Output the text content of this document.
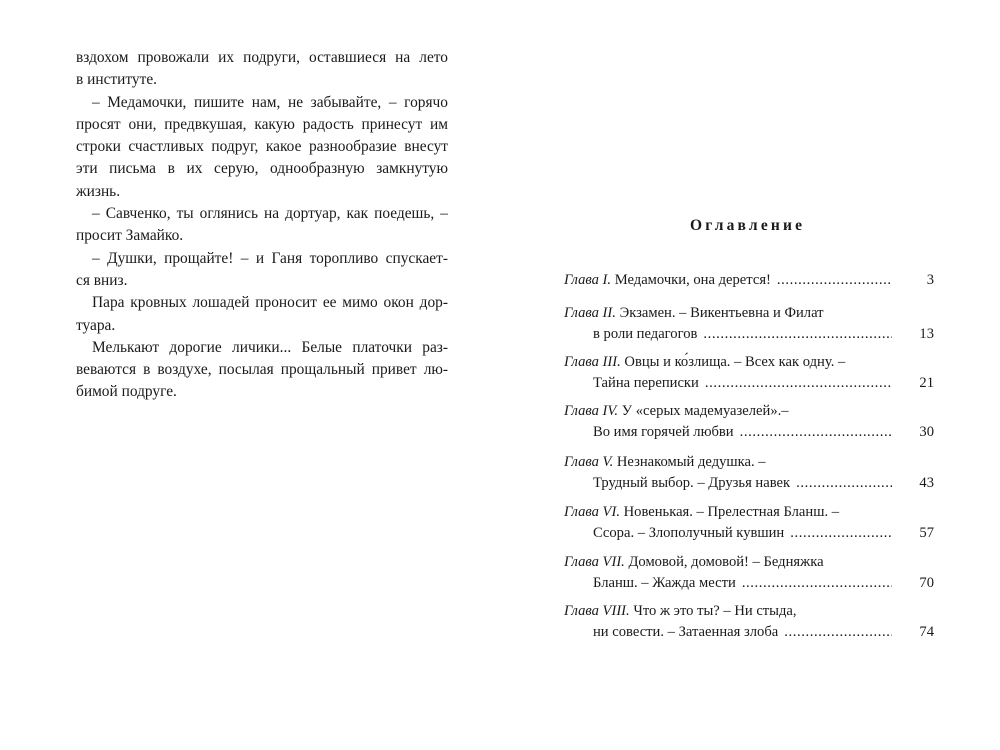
вздохом провожали их подруги, оставшиеся на лето
в институте.
– Медамочки, пишите нам, не забывайте, – горячо
просят они, предвкушая, какую радость принесут им
строки счастливых подруг, какое разнообразие внесут
эти письма в их серую, однообразную замкнутую
жизнь.
– Савченко, ты оглянись на дортуар, как поедешь, –
просит Замайко.
– Душки, прощайте! – и Ганя торопливо спускает-
ся вниз.
Пара кровных лошадей проносит ее мимо окон дор-
туара.
Мелькают дорогие личики... Белые платочки раз-
веваются в воздухе, посылая прощальный привет лю-
бимой подруге.
Оглавление
Глава I. Медамочки, она дерется! .....	3
Глава II. Экзамен. – Викентьевна и Филат
в роли педагогов .....	13
Глава III. Овцы и ко́злища. – Всех как одну. –
Тайна переписки .....	21
Глава IV. У «серых мадемуазелей».–
Во имя горячей любви .....	30
Глава V. Незнакомый дедушка. –
Трудный выбор. – Друзья навек .....	43
Глава VI. Новенькая. – Прелестная Бланш. –
Ссора. – Злополучный кувшин .....	57
Глава VII. Домовой, домовой! – Бедняжка
Бланш. – Жажда мести .....	70
Глава VIII. Что ж это ты? – Ни стыда,
ни совести. – Затаенная злоба .....	74
